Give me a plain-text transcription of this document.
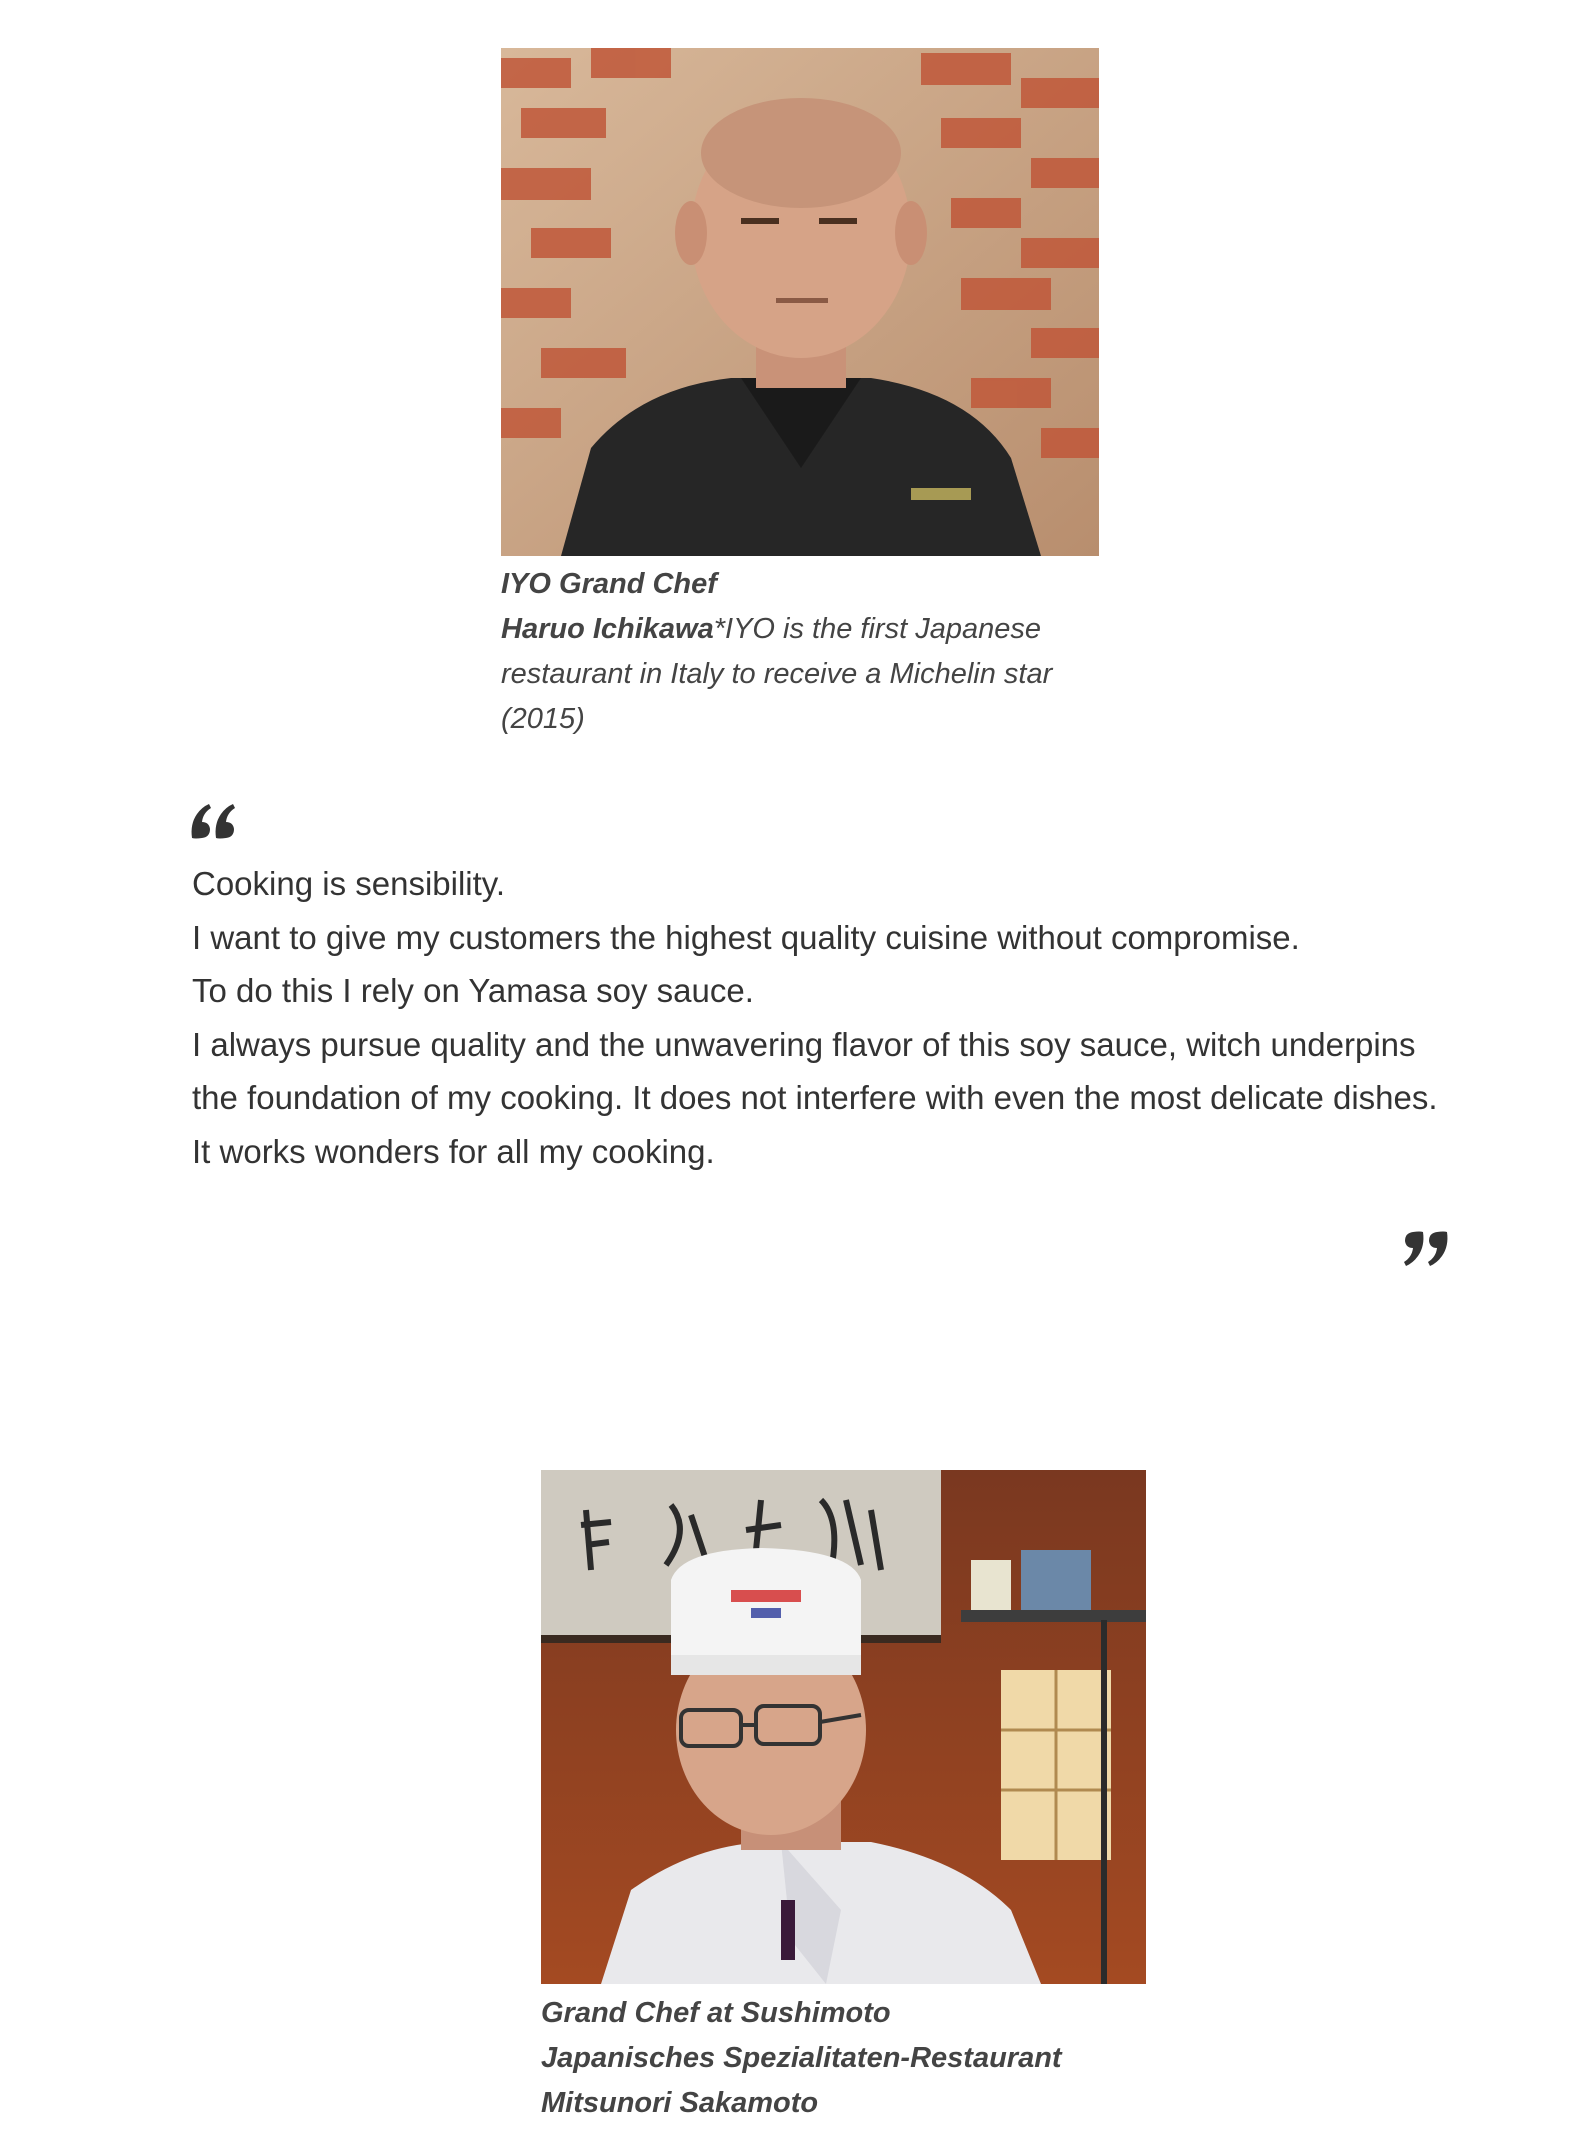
IYO Grand Chef
Haruo Ichikawa*IYO is the first Japanese restaurant in Italy to receive a Michelin star (2015)

Cooking is sensibility.

I want to give my customers the highest quality cuisine without compromise.

To do this I rely on Yamasa soy sauce.

I always pursue quality and the unwavering flavor of this soy sauce, witch underpins the foundation of my cooking. It does not interfere with even the most delicate dishes.

It works wonders for all my cooking.

Grand Chef at Sushimoto
Japanisches Spezialitaten-Restaurant
Mitsunori Sakamoto
